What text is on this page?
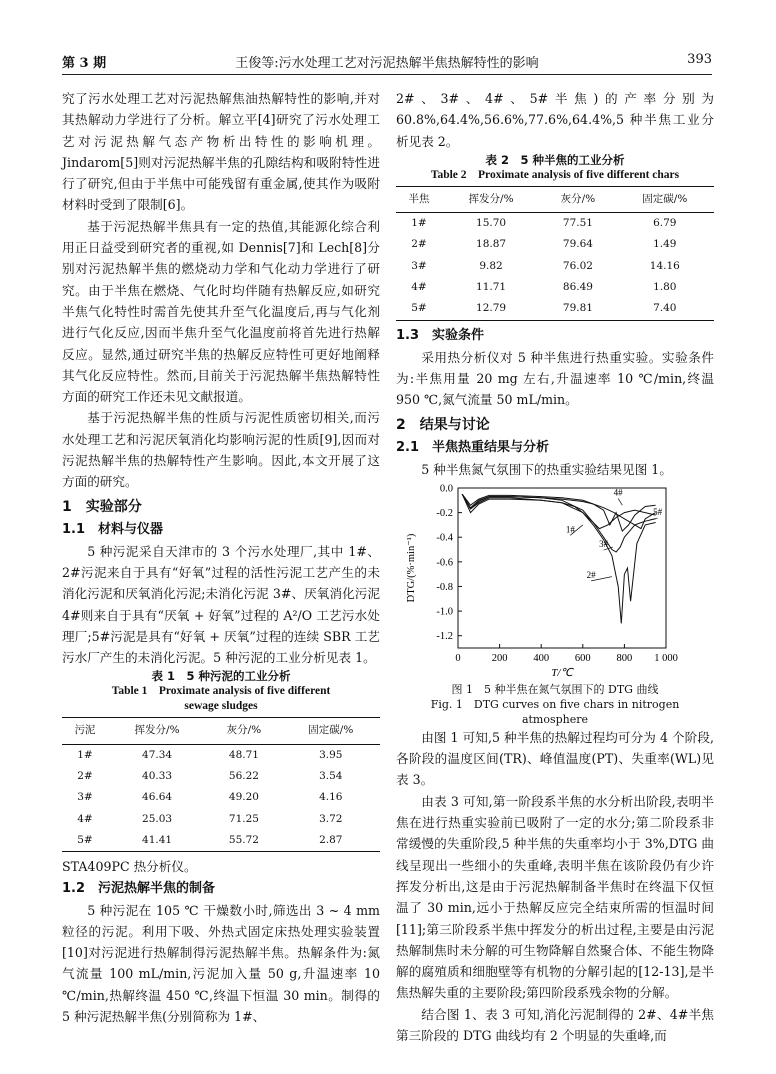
第 3 期	王俊等:污水处理工艺对污泥热解半焦热解特性的影响	393

究了污水处理工艺对污泥热解焦油热解特性的影响,并对其热解动力学进行了分析。解立平[4]研究了污水处理工艺对污泥热解气态产物析出特性的影响机理。Jindarom[5]则对污泥热解半焦的孔隙结构和吸附特性进行了研究,但由于半焦中可能残留有重金属,使其作为吸附材料时受到了限制[6]。

基于污泥热解半焦具有一定的热值,其能源化综合利用正日益受到研究者的重视,如 Dennis[7]和 Lech[8]分别对污泥热解半焦的燃烧动力学和气化动力学进行了研究。由于半焦在燃烧、气化时均伴随有热解反应,如研究半焦气化特性时需首先使其升至气化温度后,再与气化剂进行气化反应,因而半焦升至气化温度前将首先进行热解反应。显然,通过研究半焦的热解反应特性可更好地阐释其气化反应特性。然而,目前关于污泥热解半焦热解特性方面的研究工作还未见文献报道。

基于污泥热解半焦的性质与污泥性质密切相关,而污水处理工艺和污泥厌氧消化均影响污泥的性质[9],因而对污泥热解半焦的热解特性产生影响。因此,本文开展了这方面的研究。

1　实验部分
1.1　材料与仪器

5 种污泥采自天津市的 3 个污水处理厂,其中 1#、2#污泥来自于具有“好氧”过程的活性污泥工艺产生的未消化污泥和厌氧消化污泥;未消化污泥 3#、厌氧消化污泥 4#则来自于具有“厌氧 + 好氧”过程的 A²/O 工艺污水处理厂;5#污泥是具有“好氧 + 厌氧”过程的连续 SBR 工艺污水厂产生的未消化污泥。5 种污泥的工业分析见表 1。

表 1　5 种污泥的工业分析
Table 1　Proximate analysis of five different
sewage sludges
污泥	挥发分/%	灰分/%	固定碳/%
1#	47.34	48.71	3.95
2#	40.33	56.22	3.54
3#	46.64	49.20	4.16
4#	25.03	71.25	3.72
5#	41.41	55.72	2.87

STA409PC 热分析仪。

1.2　污泥热解半焦的制备

5 种污泥在 105 ℃ 干燥数小时,筛选出 3 ~ 4 mm 粒径的污泥。利用下吸、外热式固定床热处理实验装置[10]对污泥进行热解制得污泥热解半焦。热解条件为:氮气流量 100 mL/min,污泥加入量 50 g,升温速率 10 ℃/min,热解终温 450 ℃,终温下恒温 30 min。制得的 5 种污泥热解半焦(分别简称为 1#、

2#、3#、4#、5#半焦)的产率分别为 60.8%,64.4%,56.6%,77.6%,64.4%,5 种半焦工业分析见表 2。

表 2　5 种半焦的工业分析
Table 2　Proximate analysis of five different chars
半焦	挥发分/%	灰分/%	固定碳/%
1#	15.70	77.51	6.79
2#	18.87	79.64	1.49
3#	9.82	76.02	14.16
4#	11.71	86.49	1.80
5#	12.79	79.81	7.40
1.3　实验条件

采用热分析仪对 5 种半焦进行热重实验。实验条件为:半焦用量 20 mg 左右,升温速率 10 ℃/min,终温 950 ℃,氮气流量 50 mL/min。

2　结果与讨论
2.1　半焦热重结果与分析

5 种半焦氮气氛围下的热重实验结果见图 1。

0	200 400 600 800 1 000
0.0
-0.2
-0.4
-0.6
-0.8
-1.0
-1.2
T/℃
DTG/(%·min⁻¹)
1#
2#
3#
4#
5#
图 1　5 种半焦在氮气氛围下的 DTG 曲线
Fig. 1　DTG curves on five chars in nitrogen atmosphere

由图 1 可知,5 种半焦的热解过程均可分为 4 个阶段,各阶段的温度区间(TR)、峰值温度(PT)、失重率(WL)见表 3。

由表 3 可知,第一阶段系半焦的水分析出阶段,表明半焦在进行热重实验前已吸附了一定的水分;第二阶段系非常缓慢的失重阶段,5 种半焦的失重率均小于 3%,DTG 曲线呈现出一些细小的失重峰,表明半焦在该阶段仍有少许挥发分析出,这是由于污泥热解制备半焦时在终温下仅恒温了 30 min,远小于热解反应完全结束所需的恒温时间[11];第三阶段系半焦中挥发分的析出过程,主要是由污泥热解制焦时未分解的可生物降解自然聚合体、不能生物降解的腐殖质和细胞壁等有机物的分解引起的[12-13],是半焦热解失重的主要阶段;第四阶段系残余物的分解。

结合图 1、表 3 可知,消化污泥制得的 2#、4#半焦第三阶段的 DTG 曲线均有 2 个明显的失重峰,而
